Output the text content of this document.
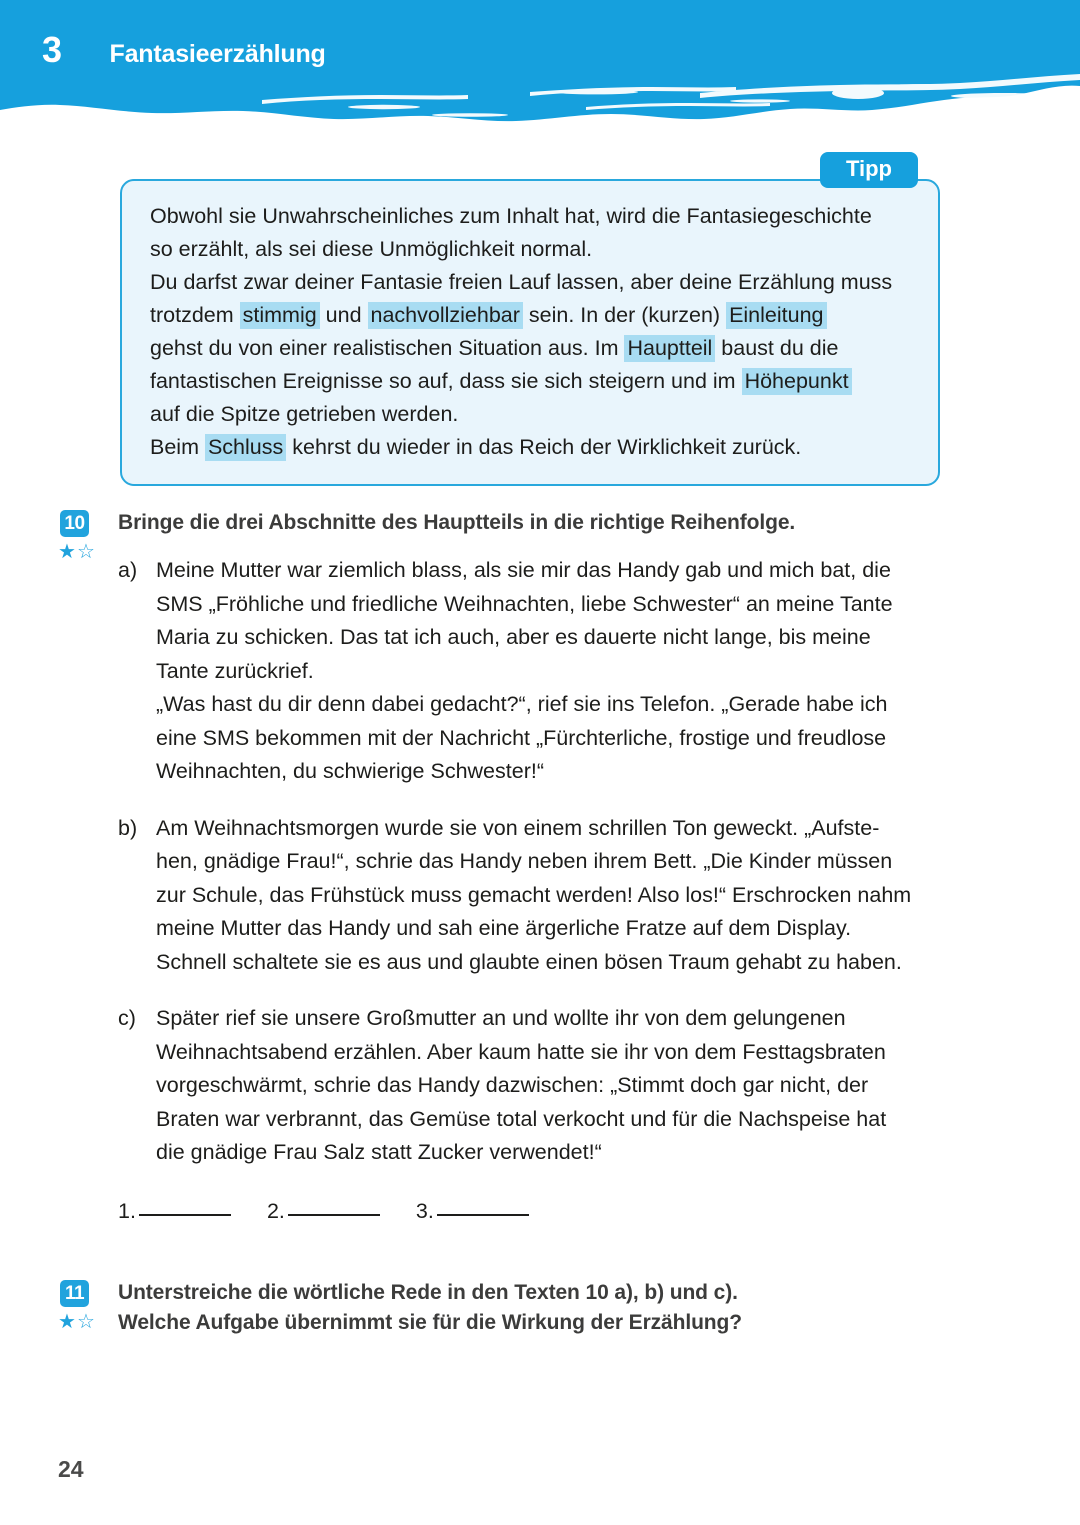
3 Fantasieerzählung
Tipp
Obwohl sie Unwahrscheinliches zum Inhalt hat, wird die Fantasiegeschichte
so erzählt, als sei diese Unmöglichkeit normal.
Du darfst zwar deiner Fantasie freien Lauf lassen, aber deine Erzählung muss
trotzdem stimmig und nachvollziehbar sein. In der (kurzen) Einleitung
gehst du von einer realistischen Situation aus. Im Hauptteil baust du die
fantastischen Ereignisse so auf, dass sie sich steigern und im Höhepunkt
auf die Spitze getrieben werden.
Beim Schluss kehrst du wieder in das Reich der Wirklichkeit zurück.
10
★ ☆
Bringe die drei Abschnitte des Hauptteils in die richtige Reihenfolge.
a) Meine Mutter war ziemlich blass, als sie mir das Handy gab und mich bat, die
SMS „Fröhliche und friedliche Weihnachten, liebe Schwester“ an meine Tante
Maria zu schicken. Das tat ich auch, aber es dauerte nicht lange, bis meine
Tante zurückrief.
„Was hast du dir denn dabei gedacht?“, rief sie ins Telefon. „Gerade habe ich
eine SMS bekommen mit der Nachricht „Fürchterliche, frostige und freudlose
Weihnachten, du schwierige Schwester!“
b) Am Weihnachtsmorgen wurde sie von einem schrillen Ton geweckt. „Aufste-
hen, gnädige Frau!“, schrie das Handy neben ihrem Bett. „Die Kinder müssen
zur Schule, das Frühstück muss gemacht werden! Also los!“ Erschrocken nahm
meine Mutter das Handy und sah eine ärgerliche Fratze auf dem Display.
Schnell schaltete sie es aus und glaubte einen bösen Traum gehabt zu haben.
c) Später rief sie unsere Großmutter an und wollte ihr von dem gelungenen
Weihnachtsabend erzählen. Aber kaum hatte sie ihr von dem Festtagsbraten
vorgeschwärmt, schrie das Handy dazwischen: „Stimmt doch gar nicht, der
Braten war verbrannt, das Gemüse total verkocht und für die Nachspeise hat
die gnädige Frau Salz statt Zucker verwendet!“
1.	2.	3.
11
★ ☆
Unterstreiche die wörtliche Rede in den Texten 10 a), b) und c).
Welche Aufgabe übernimmt sie für die Wirkung der Erzählung?
24
